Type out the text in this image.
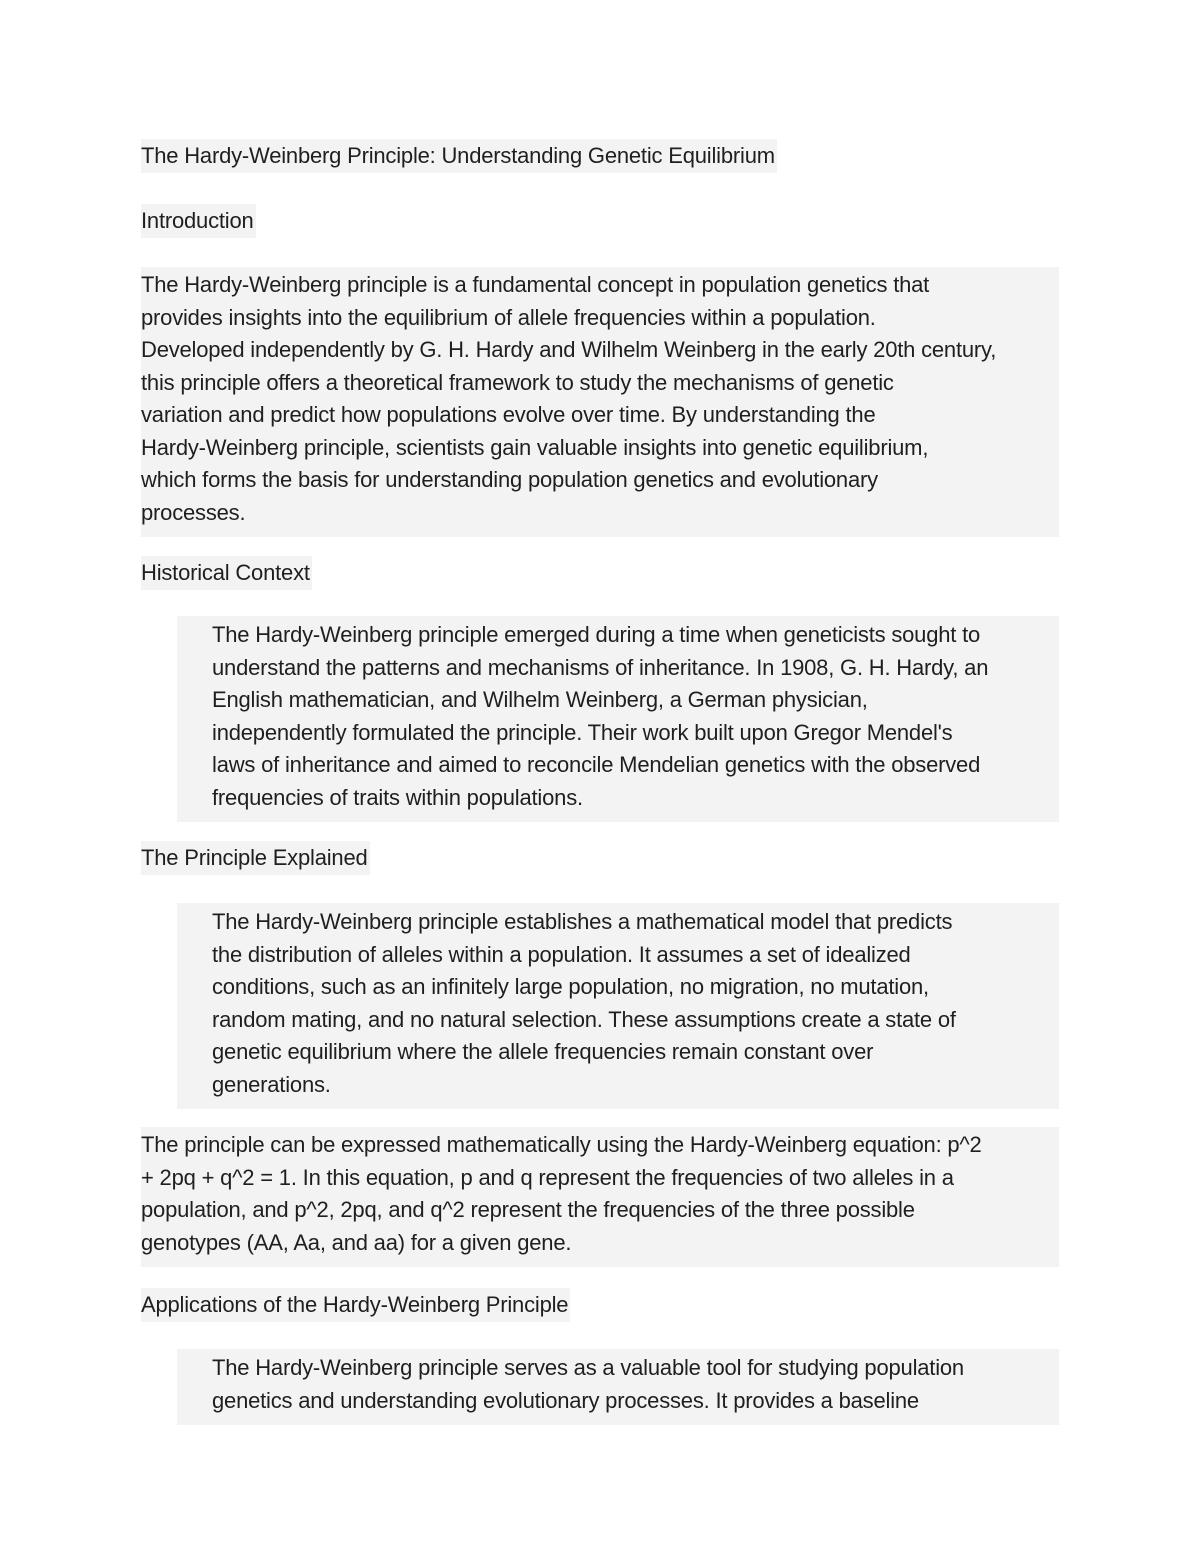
The Hardy-Weinberg Principle: Understanding Genetic Equilibrium
Introduction
The Hardy-Weinberg principle is a fundamental concept in population genetics that
provides insights into the equilibrium of allele frequencies within a population.
Developed independently by G. H. Hardy and Wilhelm Weinberg in the early 20th century,
this principle offers a theoretical framework to study the mechanisms of genetic
variation and predict how populations evolve over time. By understanding the
Hardy-Weinberg principle, scientists gain valuable insights into genetic equilibrium,
which forms the basis for understanding population genetics and evolutionary
processes.
Historical Context
The Hardy-Weinberg principle emerged during a time when geneticists sought to
understand the patterns and mechanisms of inheritance. In 1908, G. H. Hardy, an
English mathematician, and Wilhelm Weinberg, a German physician,
independently formulated the principle. Their work built upon Gregor Mendel's
laws of inheritance and aimed to reconcile Mendelian genetics with the observed
frequencies of traits within populations.
The Principle Explained
The Hardy-Weinberg principle establishes a mathematical model that predicts
the distribution of alleles within a population. It assumes a set of idealized
conditions, such as an infinitely large population, no migration, no mutation,
random mating, and no natural selection. These assumptions create a state of
genetic equilibrium where the allele frequencies remain constant over
generations.
The principle can be expressed mathematically using the Hardy-Weinberg equation: p^2
+ 2pq + q^2 = 1. In this equation, p and q represent the frequencies of two alleles in a
population, and p^2, 2pq, and q^2 represent the frequencies of the three possible
genotypes (AA, Aa, and aa) for a given gene.
Applications of the Hardy-Weinberg Principle
The Hardy-Weinberg principle serves as a valuable tool for studying population
genetics and understanding evolutionary processes. It provides a baseline
